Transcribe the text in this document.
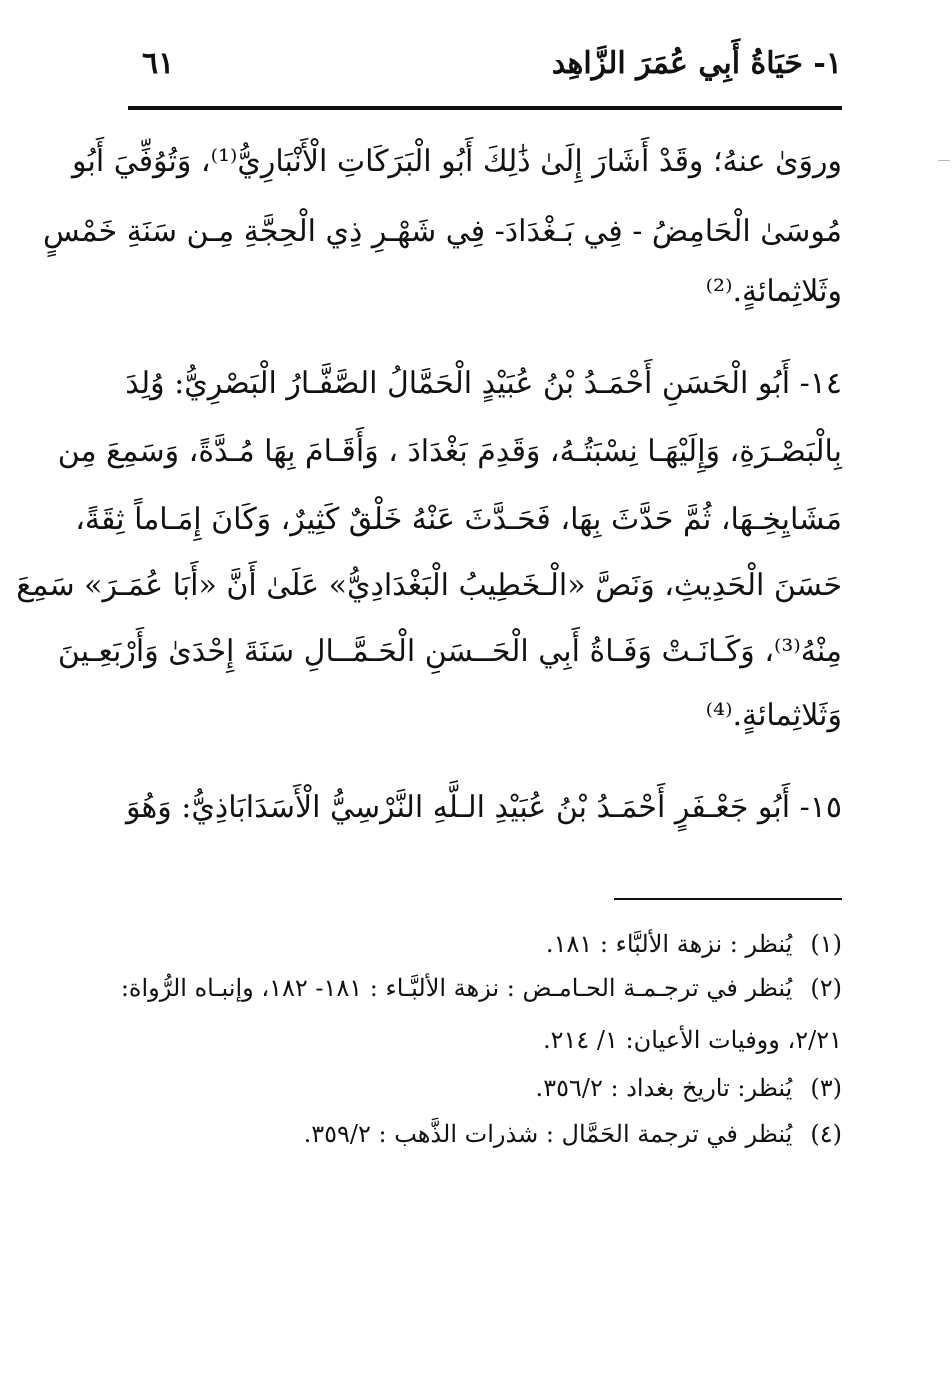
١- حَيَاةُ أَبِي عُمَرَ الزَّاهِد
٦١
وروَىٰ عنهُ؛ وقَدْ أَشَارَ إِلَىٰ ذَٰلِكَ أَبُو الْبَرَكَاتِ الْأَنْبَارِيُّ⁽¹⁾، وَتُوُفِّيَ أَبُو
مُوسَىٰ الْحَامِضُ - فِي بَـغْدَادَ- فِي شَهْـرِ ذِي الْحِجَّةِ مِـن سَنَةِ خَمْسٍ
وثَلاثِمائةٍ.⁽²⁾
١٤- أَبُو الْحَسَنِ أَحْمَـدُ بْنُ عُبَيْدٍ الْحَمَّالُ الصَّفَّـارُ الْبَصْرِيُّ: وُلِدَ
بِالْبَصْـرَةِ، وَإِلَيْهَـا نِسْبَتُـهُ، وَقَدِمَ بَغْدَادَ ، وَأَقَـامَ بِهَا مُـدَّةً، وَسَمِعَ مِن
مَشَايِخِـهَا، ثُمَّ حَدَّثَ بِهَا، فَحَـدَّثَ عَنْهُ خَلْقٌ كَثِيرٌ، وَكَانَ إِمَـاماً ثِقَةً،
حَسَنَ الْحَدِيثِ، وَنَصَّ «الْـخَطِيبُ الْبَغْدَادِيُّ» عَلَىٰ أَنَّ «أَبَا عُمَـرَ» سَمِعَ
مِنْهُ⁽³⁾، وَكَـانَـتْ وَفَـاةُ أَبِي الْحَــسَنِ الْحَـمَّــالِ سَنَةَ إِحْدَىٰ وَأَرْبَعِـينَ
وَثَلاثِمائةٍ.⁽⁴⁾
١٥- أَبُو جَعْـفَرٍ أَحْمَـدُ بْنُ عُبَيْدِ الـلَّهِ النَّرْسِيُّ الْأَسَدَابَاذِيُّ: وَهُوَ
(١) يُنظر : نزهة الألبَّاء : ١٨١.
(٢) يُنظر في ترجـمـة الحـامـض : نزهة الألبَّـاء : ١٨١- ١٨٢، وإنبـاه الرُّواة:
٢/٢١، ووفيات الأعيان: ١/ ٢١٤.
(٣) يُنظر: تاريخ بغداد : ٣٥٦/٢.
(٤) يُنظر في ترجمة الحَمَّال : شذرات الذَّهب : ٣٥٩/٢.
